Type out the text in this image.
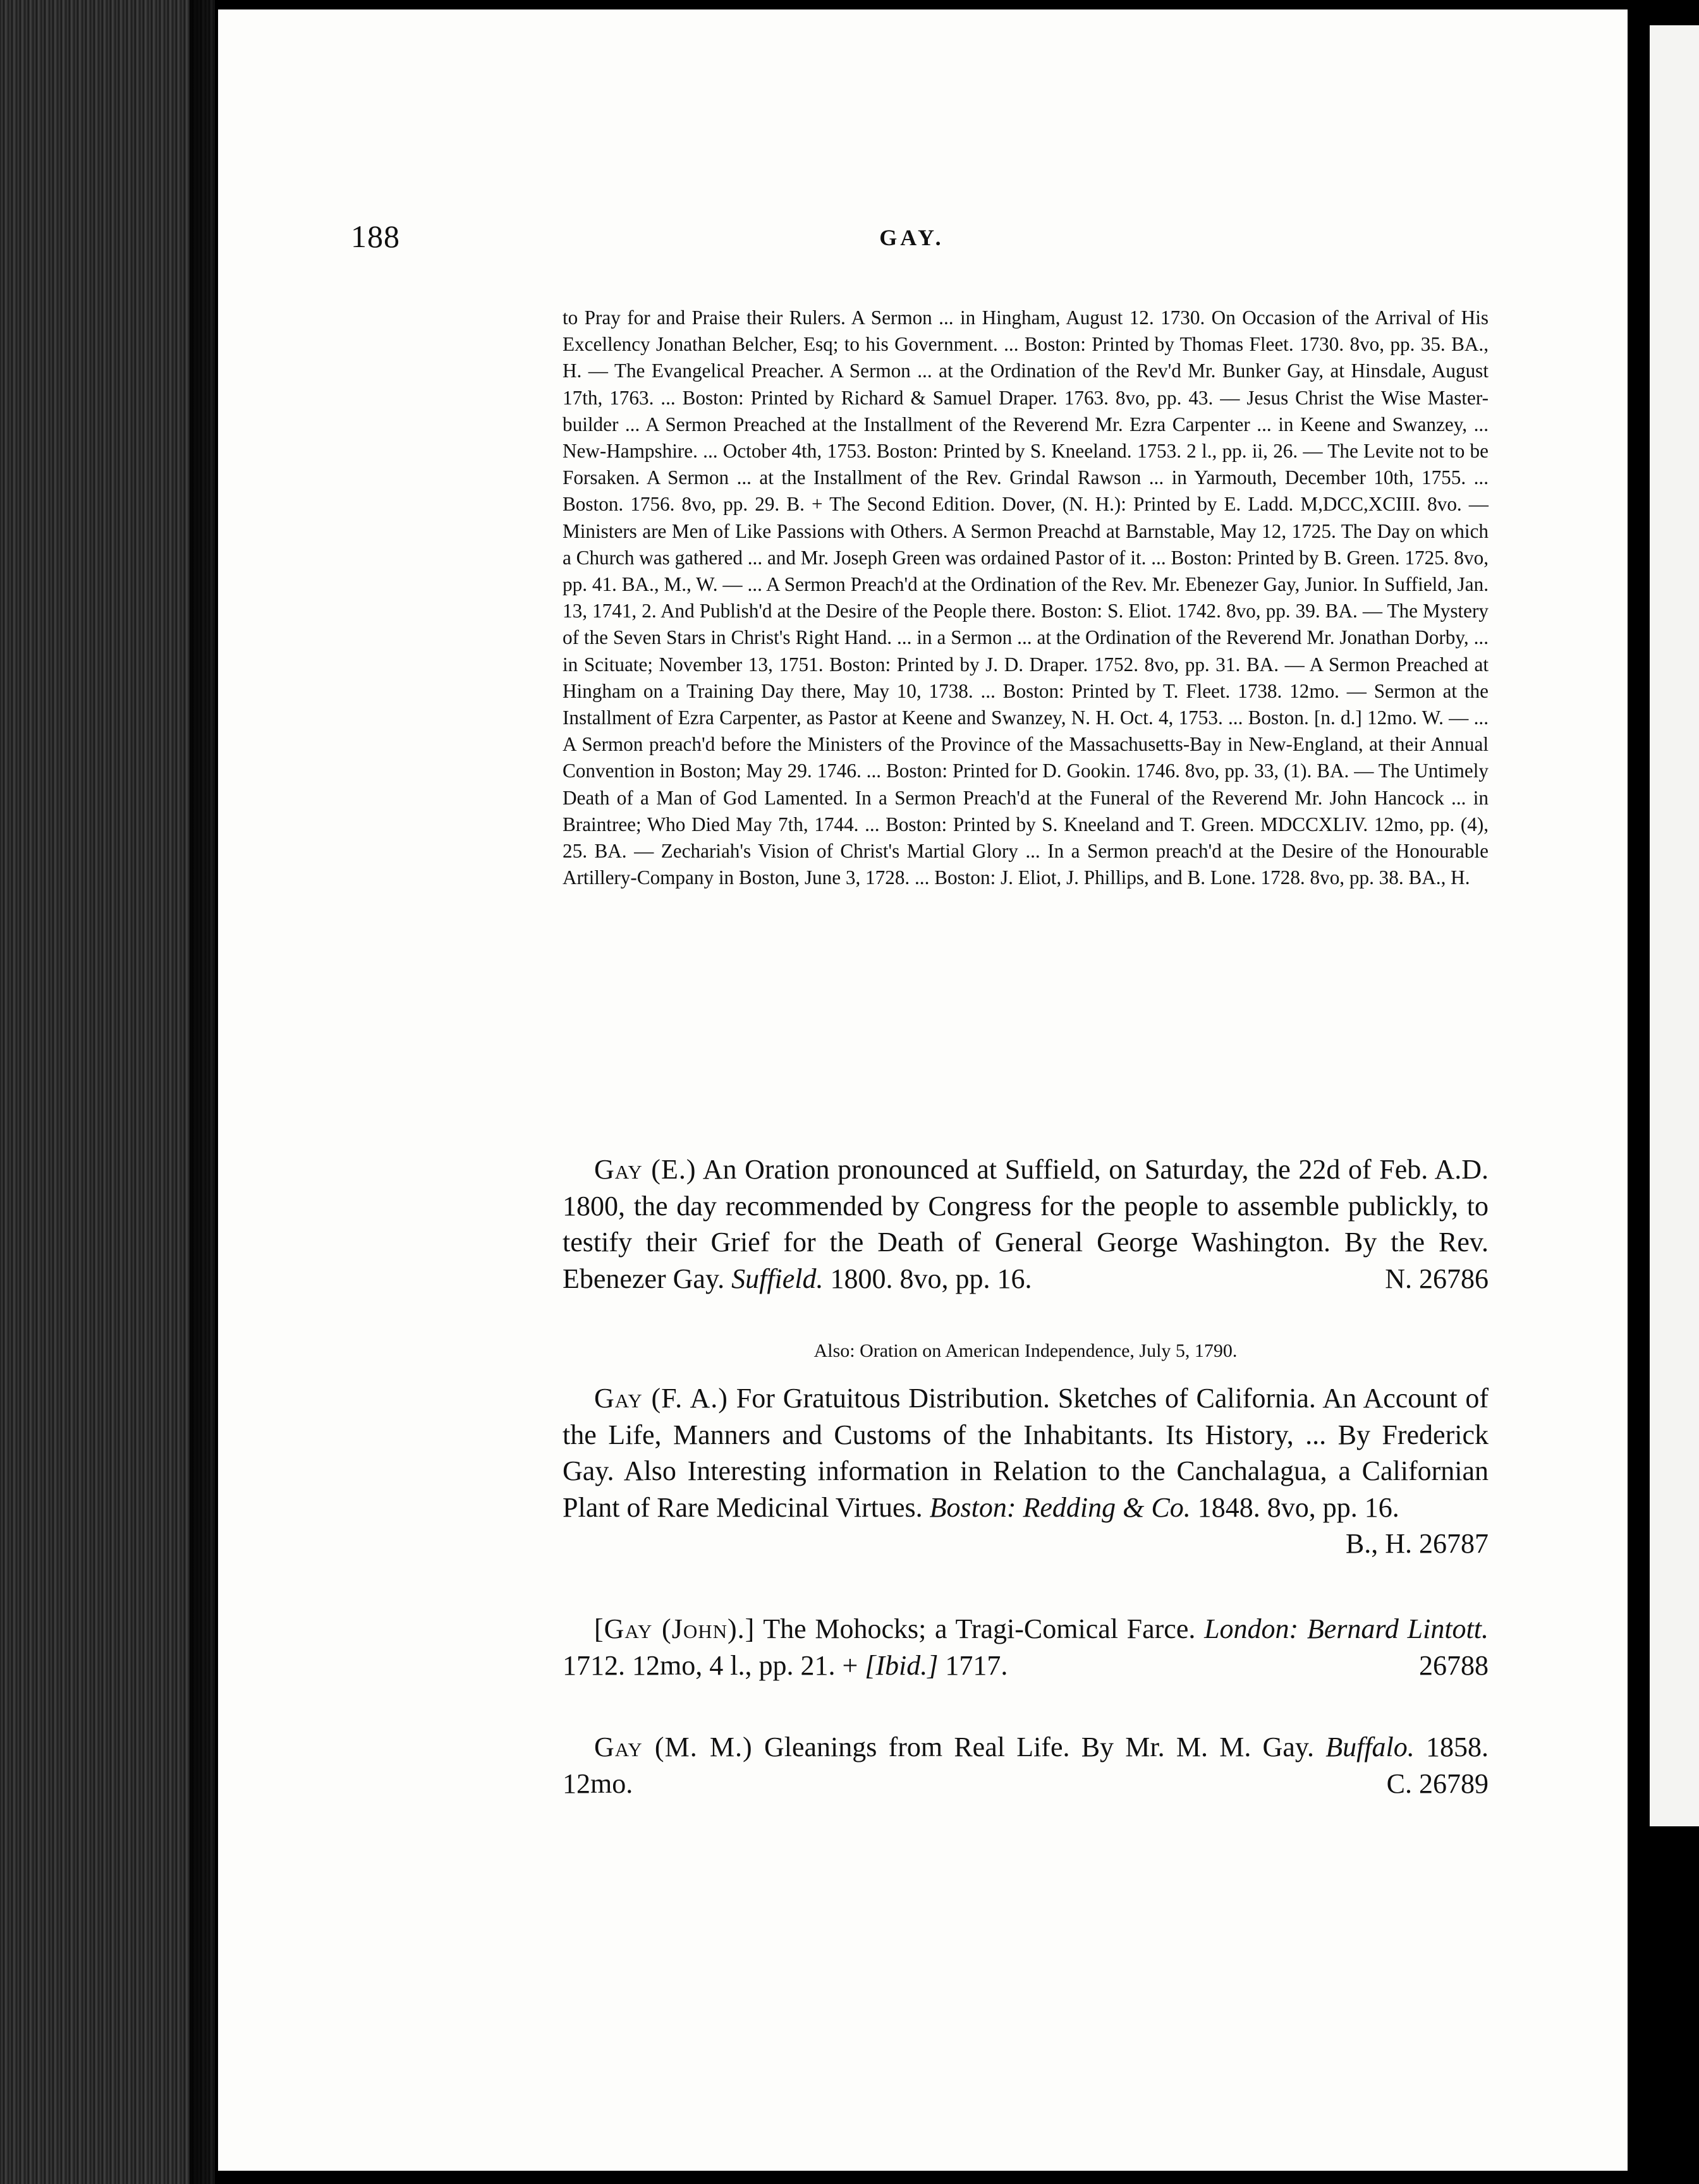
188	GAY.

to Pray for and Praise their Rulers. A Sermon ... in Hingham, August 12. 1730. On Occasion of the Arrival of His Excellency Jonathan Belcher, Esq; to his Government. ... Boston: Printed by Thomas Fleet. 1730. 8vo, pp. 35. BA., H. — The Evangelical Preacher. A Sermon ... at the Ordination of the Rev'd Mr. Bunker Gay, at Hinsdale, August 17th, 1763. ... Boston: Printed by Richard & Samuel Draper. 1763. 8vo, pp. 43. — Jesus Christ the Wise Master-builder ... A Sermon Preached at the Installment of the Reverend Mr. Ezra Carpenter ... in Keene and Swanzey, ... New-Hampshire. ... October 4th, 1753. Boston: Printed by S. Kneeland. 1753. 2 l., pp. ii, 26. — The Levite not to be Forsaken. A Sermon ... at the Installment of the Rev. Grindal Rawson ... in Yarmouth, December 10th, 1755. ... Boston. 1756. 8vo, pp. 29. B. + The Second Edition. Dover, (N. H.): Printed by E. Ladd. M,DCC,XCIII. 8vo. — Ministers are Men of Like Passions with Others. A Sermon Preachd at Barnstable, May 12, 1725. The Day on which a Church was gathered ... and Mr. Joseph Green was ordained Pastor of it. ... Boston: Printed by B. Green. 1725. 8vo, pp. 41. BA., M., W. — ... A Sermon Preach'd at the Ordination of the Rev. Mr. Ebenezer Gay, Junior. In Suffield, Jan. 13, 1741, 2. And Publish'd at the Desire of the People there. Boston: S. Eliot. 1742. 8vo, pp. 39. BA. — The Mystery of the Seven Stars in Christ's Right Hand. ... in a Sermon ... at the Ordination of the Reverend Mr. Jonathan Dorby, ... in Scituate; November 13, 1751. Boston: Printed by J. D. Draper. 1752. 8vo, pp. 31. BA. — A Sermon Preached at Hingham on a Training Day there, May 10, 1738. ... Boston: Printed by T. Fleet. 1738. 12mo. — Sermon at the Installment of Ezra Carpenter, as Pastor at Keene and Swanzey, N. H. Oct. 4, 1753. ... Boston. [n. d.] 12mo. W. — ... A Sermon preach'd before the Ministers of the Province of the Massachusetts-Bay in New-England, at their Annual Convention in Boston; May 29. 1746. ... Boston: Printed for D. Gookin. 1746. 8vo, pp. 33, (1). BA. — The Untimely Death of a Man of God Lamented. In a Sermon Preach'd at the Funeral of the Reverend Mr. John Hancock ... in Braintree; Who Died May 7th, 1744. ... Boston: Printed by S. Kneeland and T. Green. MDCCXLIV. 12mo, pp. (4), 25. BA. — Zechariah's Vision of Christ's Martial Glory ... In a Sermon preach'd at the Desire of the Honourable Artillery-Company in Boston, June 3, 1728. ... Boston: J. Eliot, J. Phillips, and B. Lone. 1728. 8vo, pp. 38. BA., H.

Gay (E.) An Oration pronounced at Suffield, on Saturday, the 22d of Feb. A.D. 1800, the day recommended by Congress for the people to assemble publickly, to testify their Grief for the Death of General George Washington. By the Rev. Ebenezer Gay. Suffield. 1800. 8vo, pp. 16.	N. 26786

Also: Oration on American Independence, July 5, 1790.

Gay (F. A.) For Gratuitous Distribution. Sketches of California. An Account of the Life, Manners and Customs of the Inhabitants. Its History, ... By Frederick Gay. Also Interesting information in Relation to the Canchalagua, a Californian Plant of Rare Medicinal Virtues. Boston: Redding & Co. 1848. 8vo, pp. 16.
B., H. 26787

[Gay (John).] The Mohocks; a Tragi-Comical Farce. London: Bernard Lintott. 1712. 12mo, 4 l., pp. 21. + [Ibid.] 1717.	26788

Gay (M. M.) Gleanings from Real Life. By Mr. M. M. Gay. Buffalo. 1858. 12mo.	C. 26789
